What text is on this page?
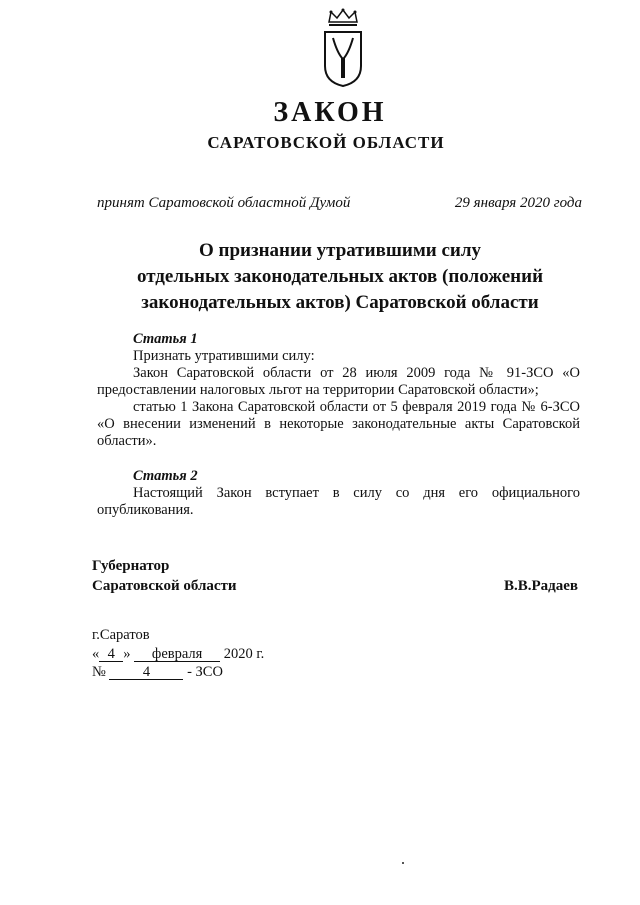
ЗАКОН
САРАТОВСКОЙ ОБЛАСТИ
принят Саратовской областной Думой	29 января 2020 года
О признании утратившими силу
отдельных законодательных актов (положений
законодательных актов) Саратовской области
Статья 1

Признать утратившими силу:

Закон Саратовской области от 28 июля 2009 года № 91-ЗСО «О предоставлении налоговых льгот на территории Саратовской области»;

статью 1 Закона Саратовской области от 5 февраля 2019 года № 6-ЗСО «О внесении изменений в некоторые законодательные акты Саратовской области».

Статья 2

Настоящий Закон вступает в силу со дня его официального опубликования.

Губернатор
Саратовской области	В.В.Радаев
г.Саратов
« 4 » февраля 2020 г.
№	4	- ЗСО
